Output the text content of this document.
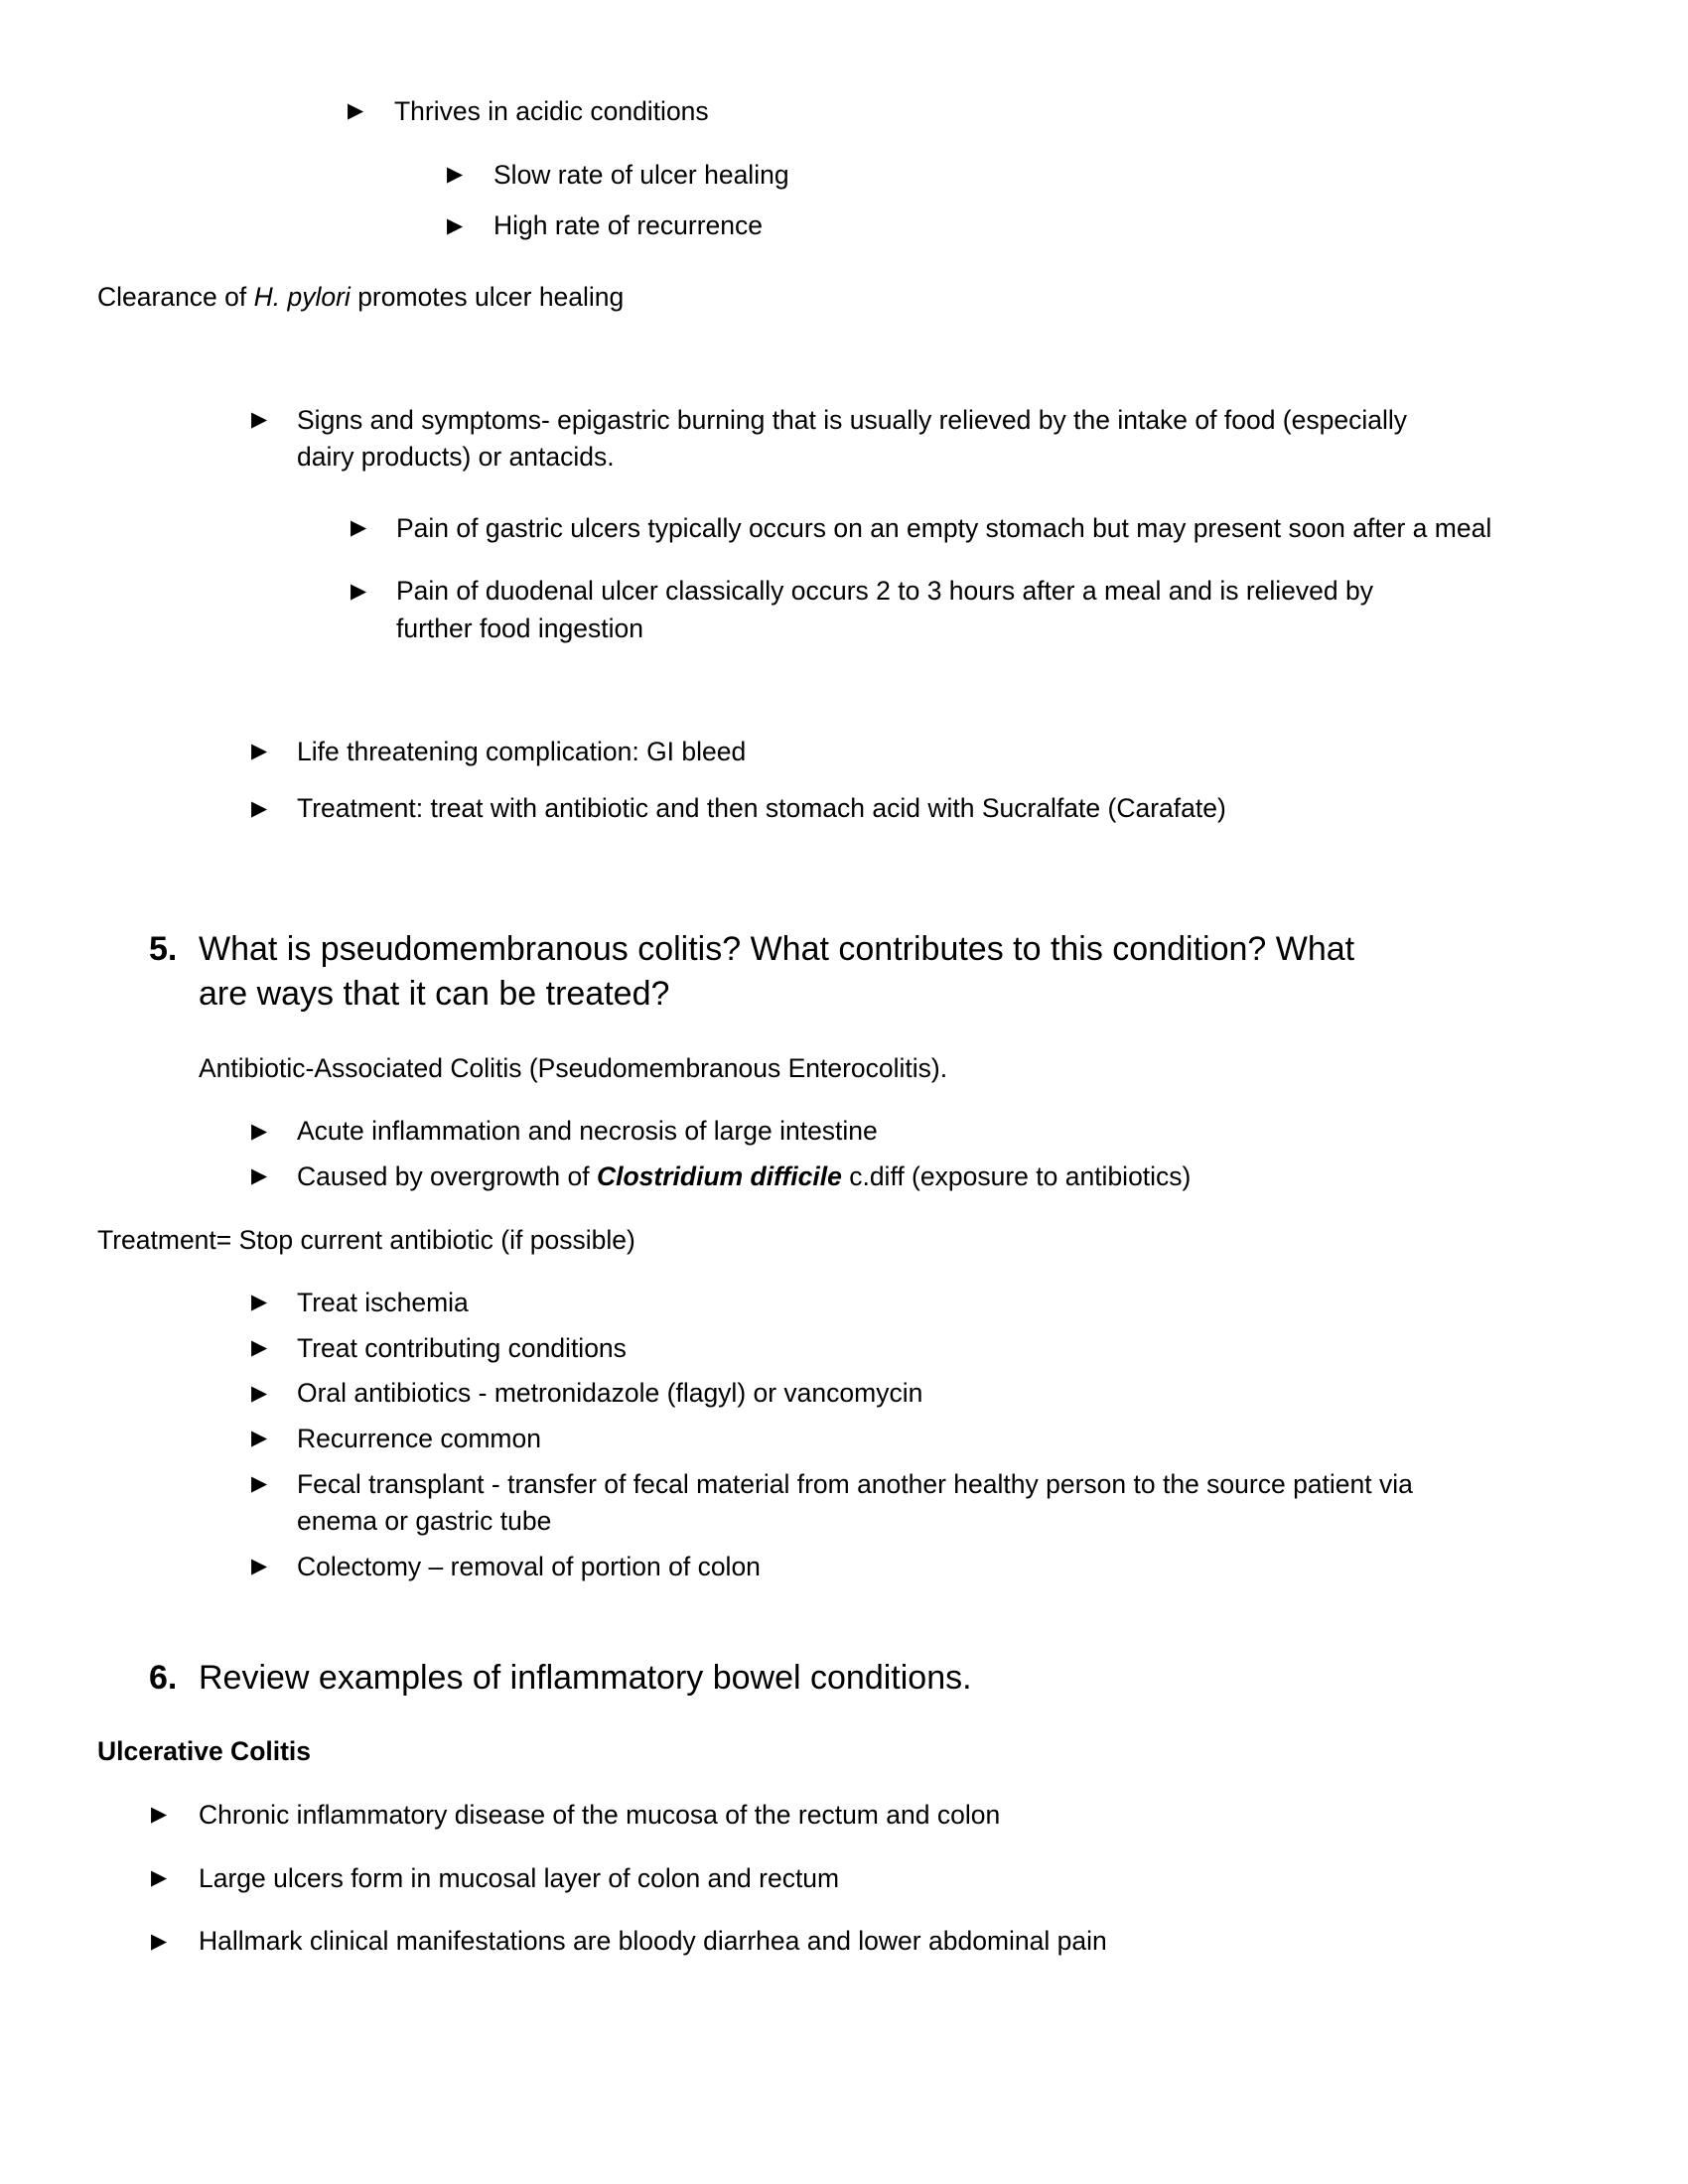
▶ Thrives in acidic conditions
▶ Slow rate of ulcer healing
▶ High rate of recurrence
Clearance of H. pylori promotes ulcer healing
▶ Signs and symptoms- epigastric burning that is usually relieved by the intake of food (especially dairy products) or antacids.
▶ Pain of gastric ulcers typically occurs on an empty stomach but may present soon after a meal
▶ Pain of duodenal ulcer classically occurs 2 to 3 hours after a meal and is relieved by further food ingestion
▶ Life threatening complication: GI bleed
▶ Treatment: treat with antibiotic and then stomach acid with Sucralfate (Carafate)
5. What is pseudomembranous colitis? What contributes to this condition? What are ways that it can be treated?
Antibiotic-Associated Colitis (Pseudomembranous Enterocolitis).
▶ Acute inflammation and necrosis of large intestine
▶ Caused by overgrowth of Clostridium difficile c.diff (exposure to antibiotics)
Treatment= Stop current antibiotic (if possible)
▶ Treat ischemia
▶ Treat contributing conditions
▶ Oral antibiotics - metronidazole (flagyl) or vancomycin
▶ Recurrence common
▶ Fecal transplant - transfer of fecal material from another healthy person to the source patient via enema or gastric tube
▶ Colectomy – removal of portion of colon
6. Review examples of inflammatory bowel conditions.
Ulcerative Colitis
▶ Chronic inflammatory disease of the mucosa of the rectum and colon
▶ Large ulcers form in mucosal layer of colon and rectum
▶ Hallmark clinical manifestations are bloody diarrhea and lower abdominal pain
